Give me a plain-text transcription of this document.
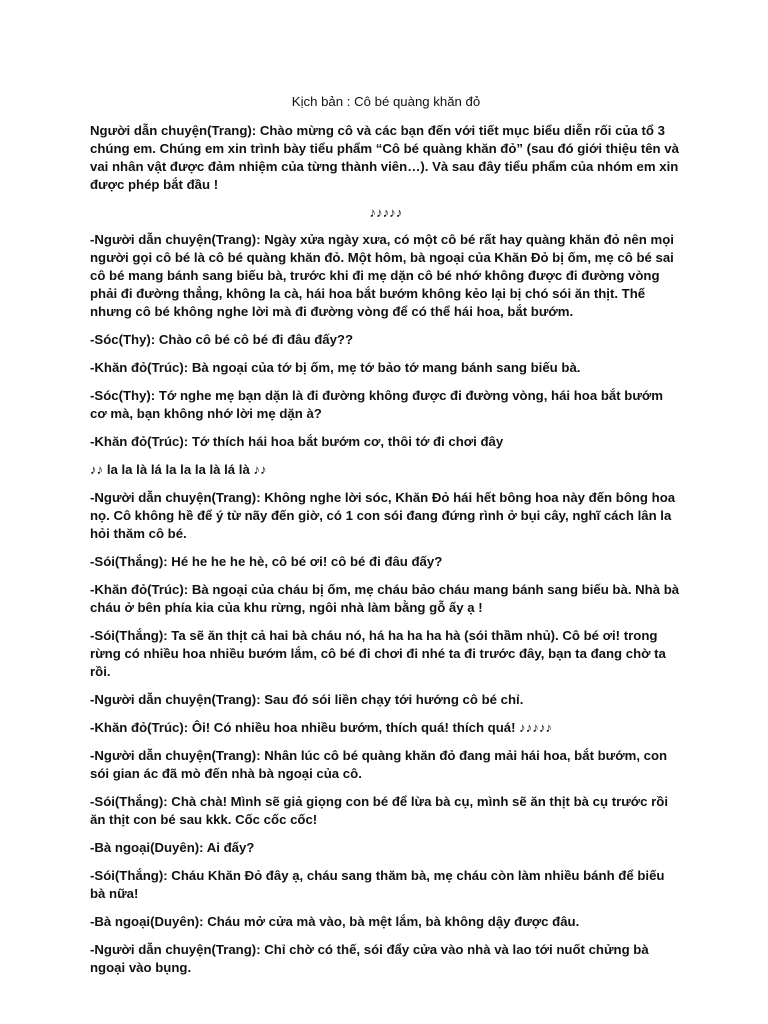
Kịch bản : Cô bé quàng khăn đỏ
Người dẫn chuyện(Trang): Chào mừng cô và các bạn đến với tiết mục biểu diễn rối của tổ 3 chúng em. Chúng em xin trình bày tiểu phẩm “Cô bé quàng khăn đỏ” (sau đó giới thiệu tên và vai nhân vật được đảm nhiệm của từng thành viên…). Và sau đây tiểu phẩm của nhóm em xin được phép bắt đầu !
♪♪♪♪♪
-Người dẫn chuyện(Trang): Ngày xửa ngày xưa, có một cô bé rất hay quàng khăn đỏ nên mọi người gọi cô bé là cô bé quàng khăn đỏ. Một hôm, bà ngoại của Khăn Đỏ bị ốm, mẹ cô bé sai cô bé mang bánh sang biếu bà, trước khi đi mẹ dặn cô bé nhớ không được đi đường vòng phải đi đường thẳng, không la cà, hái hoa bắt bướm không kẻo lại bị chó sói ăn thịt. Thế nhưng cô bé không nghe lời mà đi đường vòng để có thể hái hoa, bắt bướm.
-Sóc(Thy): Chào cô bé cô bé đi đâu đấy??
-Khăn đỏ(Trúc): Bà ngoại của tớ bị ốm, mẹ tớ bảo tớ mang bánh sang biếu bà.
-Sóc(Thy): Tớ nghe mẹ bạn dặn là đi đường không được đi đường vòng, hái hoa bắt bướm cơ mà, bạn không nhớ lời mẹ dặn à?
-Khăn đỏ(Trúc): Tớ thích hái hoa bắt bướm cơ, thôi tớ đi chơi đây
♪♪ la la là lá la la la là lá là ♪♪
-Người dẫn chuyện(Trang): Không nghe lời sóc, Khăn Đỏ hái hết bông hoa này đến bông hoa nọ. Cô không hề để ý từ nãy đến giờ, có 1 con sói đang đứng rình ở bụi cây, nghĩ cách lân la hỏi thăm cô bé.
-Sói(Thắng): Hé he he he hè, cô bé ơi! cô bé đi đâu đấy?
-Khăn đỏ(Trúc): Bà ngoại của cháu bị ốm, mẹ cháu bảo cháu mang bánh sang biếu bà. Nhà bà cháu ở bên phía kia của khu rừng, ngôi nhà làm bằng gỗ ấy ạ !
-Sói(Thắng): Ta sẽ ăn thịt cả hai bà cháu nó, há ha ha ha hà (sói thầm nhủ). Cô bé ơi! trong rừng có nhiều hoa nhiều bướm lắm, cô bé đi chơi đi nhé ta đi trước đây, bạn ta đang chờ ta rồi.
-Người dẫn chuyện(Trang): Sau đó sói liền chạy tới hướng cô bé chỉ.
-Khăn đỏ(Trúc): Ôi! Có nhiều hoa nhiều bướm, thích quá! thích quá! ♪♪♪♪♪
-Người dẫn chuyện(Trang): Nhân lúc cô bé quàng khăn đỏ đang mải hái hoa, bắt bướm, con sói gian ác đã mò đến nhà bà ngoại của cô.
-Sói(Thắng): Chà chà! Mình sẽ giả giọng con bé để lừa bà cụ, mình sẽ ăn thịt bà cụ trước rồi ăn thịt con bé sau kkk. Cốc cốc cốc!
-Bà ngoại(Duyên): Ai đấy?
-Sói(Thắng): Cháu Khăn Đỏ đây ạ, cháu sang thăm bà, mẹ cháu còn làm nhiều bánh để biếu bà nữa!
-Bà ngoại(Duyên): Cháu mở cửa mà vào, bà mệt lắm, bà không dậy được đâu.
-Người dẫn chuyện(Trang): Chỉ chờ có thế, sói đẩy cửa vào nhà và lao tới nuốt chửng bà ngoại vào bụng.
